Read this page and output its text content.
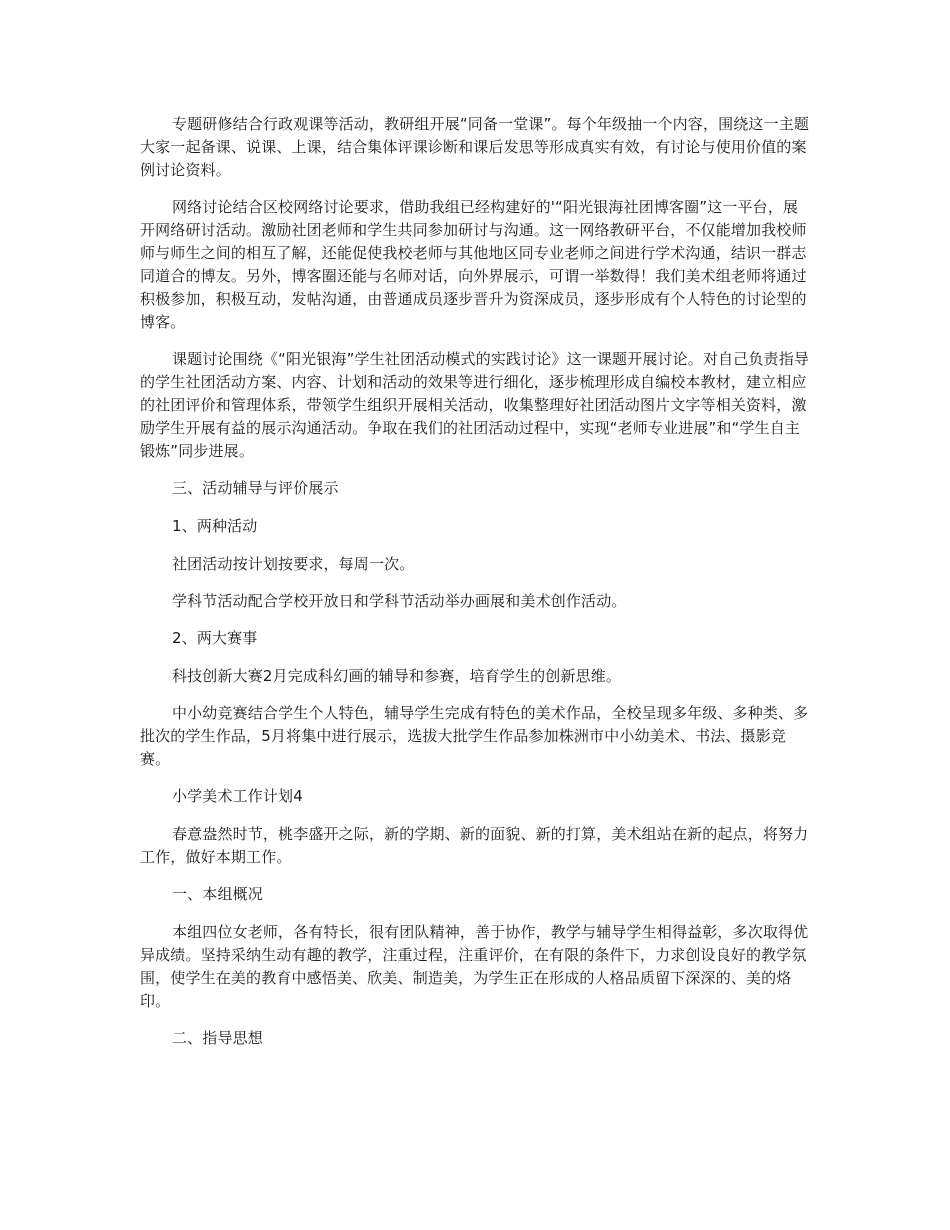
专题研修结合行政观课等活动，教研组开展“同备一堂课”。每个年级抽一个内容，围绕这一主题大家一起备课、说课、上课，结合集体评课诊断和课后发思等形成真实有效，有讨论与使用价值的案例讨论资料。

网络讨论结合区校网络讨论要求，借助我组已经构建好的'“阳光银海社团博客圈”这一平台，展开网络研讨活动。激励社团老师和学生共同参加研讨与沟通。这一网络教研平台，不仅能增加我校师师与师生之间的相互了解，还能促使我校老师与其他地区同专业老师之间进行学术沟通，结识一群志同道合的博友。另外，博客圈还能与名师对话，向外界展示，可谓一举数得！我们美术组老师将通过积极参加，积极互动，发帖沟通，由普通成员逐步晋升为资深成员，逐步形成有个人特色的讨论型的博客。

课题讨论围绕《“阳光银海”学生社团活动模式的实践讨论》这一课题开展讨论。对自己负责指导的学生社团活动方案、内容、计划和活动的效果等进行细化，逐步梳理形成自编校本教材，建立相应的社团评价和管理体系，带领学生组织开展相关活动，收集整理好社团活动图片文字等相关资料，激励学生开展有益的展示沟通活动。争取在我们的社团活动过程中，实现“老师专业进展”和“学生自主锻炼”同步进展。

三、活动辅导与评价展示

1、两种活动

社团活动按计划按要求，每周一次。

学科节活动配合学校开放日和学科节活动举办画展和美术创作活动。

2、两大赛事

科技创新大赛2月完成科幻画的辅导和参赛，培育学生的创新思维。

中小幼竞赛结合学生个人特色，辅导学生完成有特色的美术作品，全校呈现多年级、多种类、多批次的学生作品，5月将集中进行展示，选拔大批学生作品参加株洲市中小幼美术、书法、摄影竞赛。

小学美术工作计划4

春意盎然时节，桃李盛开之际，新的学期、新的面貌、新的打算，美术组站在新的起点，将努力工作，做好本期工作。

一、本组概况

本组四位女老师，各有特长，很有团队精神，善于协作，教学与辅导学生相得益彰，多次取得优异成绩。坚持采纳生动有趣的教学，注重过程，注重评价，在有限的条件下，力求创设良好的教学氛围，使学生在美的教育中感悟美、欣美、制造美，为学生正在形成的人格品质留下深深的、美的烙印。

二、指导思想
